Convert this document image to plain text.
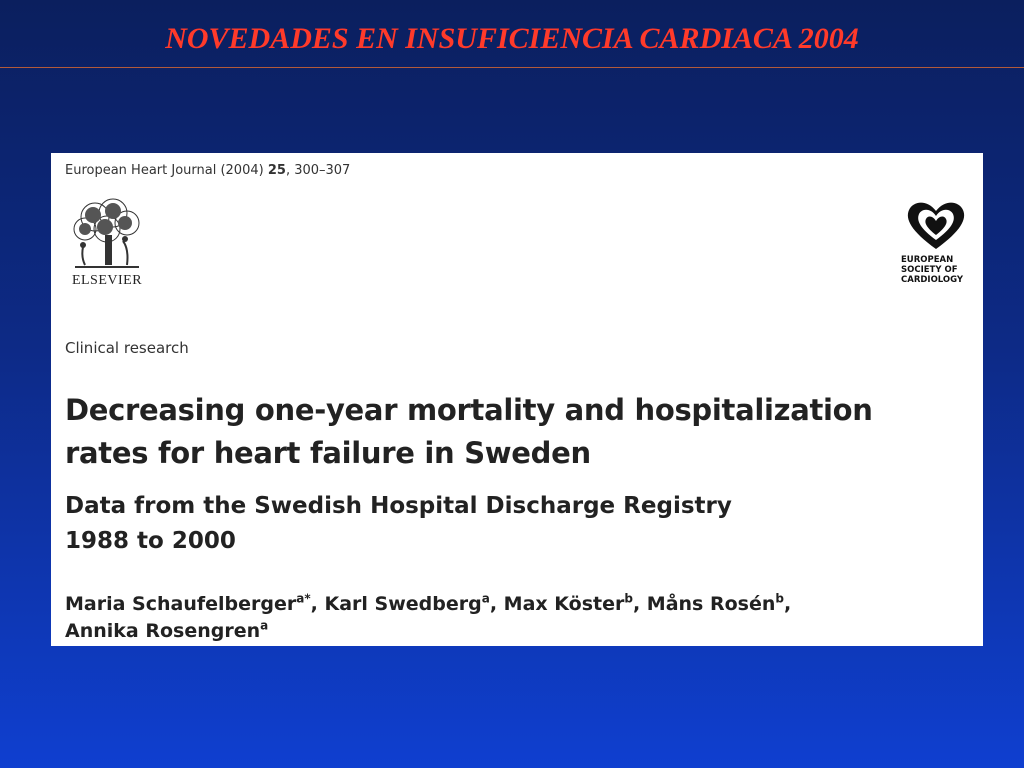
NOVEDADES EN INSUFICIENCIA CARDIACA 2004
European Heart Journal (2004) 25, 300–307
ELSEVIER
EUROPEAN
SOCIETY OF
CARDIOLOGY
Clinical research
Decreasing one-year mortality and hospitalization
rates for heart failure in Sweden
Data from the Swedish Hospital Discharge Registry
1988 to 2000
Maria Schaufelberger$^{a*}$, Karl Swedberg$^a$, Max Köster$^b$, Måns Rosén$^b$,
Annika Rosengren$^a$
